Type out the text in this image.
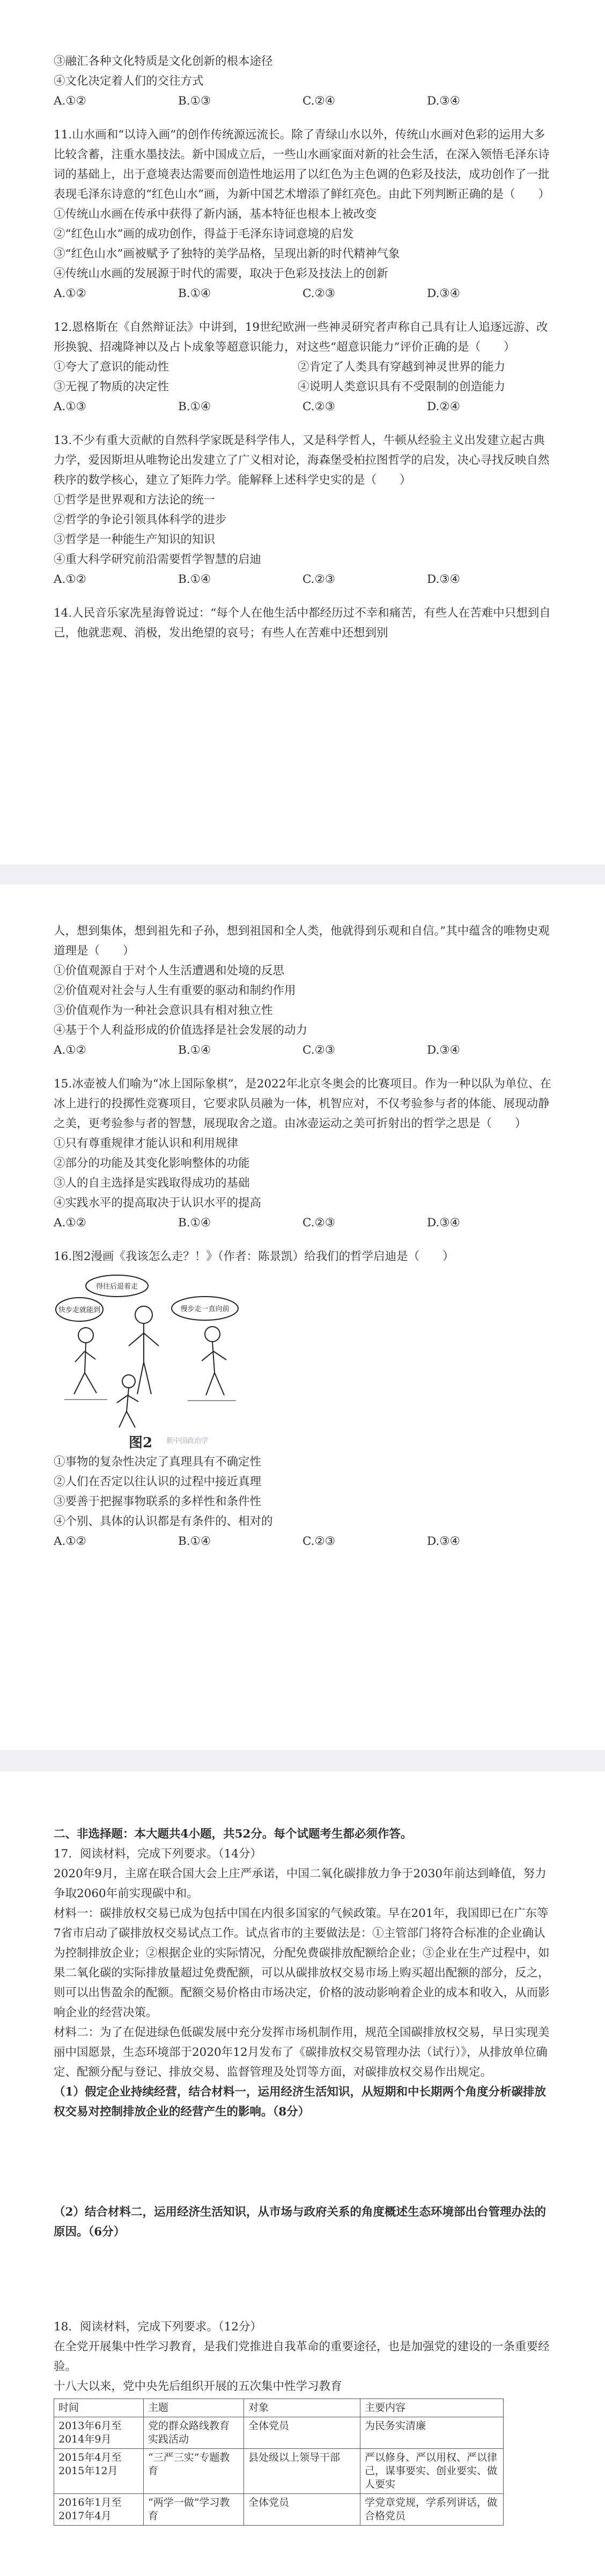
③融汇各种文化特质是文化创新的根本途径
④文化决定着人们的交往方式
A.①②	B.①③	C.②④	D.③④
11.山水画和“以诗入画”的创作传统源远流长。除了青绿山水以外，传统山水画对色彩的运用大多比较含蓄，注重水墨技法。新中国成立后，一些山水画家面对新的社会生活，在深入领悟毛泽东诗词的基础上，出于意境表达需要而创造性地运用了以红色为主色调的色彩及技法，成功创作了一批表现毛泽东诗意的“红色山水”画，为新中国艺术增添了鲜红亮色。由此下列判断正确的是（　　）
①传统山水画在传承中获得了新内涵，基本特征也根本上被改变
②“红色山水”画的成功创作，得益于毛泽东诗词意境的启发
③“红色山水”画被赋予了独特的美学品格，呈现出新的时代精神气象
④传统山水画的发展源于时代的需要，取决于色彩及技法上的创新
A.①②	B.①④	C.②③	D.③④
12.恩格斯在《自然辩证法》中讲到，19世纪欧洲一些神灵研究者声称自己具有让人追逐远游、改形换貌、招魂降神以及占卜成象等超意识能力，对这些“超意识能力”评价正确的是（　　）
①夸大了意识的能动性	②肯定了人类具有穿越到神灵世界的能力
③无视了物质的决定性	④说明人类意识具有不受限制的创造能力
A.①③	B.①④	C.②③	D.②④
13.不少有重大贡献的自然科学家既是科学伟人，又是科学哲人，牛顿从经验主义出发建立起古典力学，爱因斯坦从唯物论出发建立了广义相对论，海森堡受柏拉图哲学的启发，决心寻找反映自然秩序的数学核心，建立了矩阵力学。能解释上述科学史实的是（　　）
①哲学是世界观和方法论的统一
②哲学的争论引领具体科学的进步
③哲学是一种能生产知识的知识
④重大科学研究前沿需要哲学智慧的启迪
A.①②	B.①④	C.②③	D.③④
14.人民音乐家冼星海曾说过：“每个人在他生活中都经历过不幸和痛苦，有些人在苦难中只想到自己，他就悲观、消极，发出绝望的哀号；有些人在苦难中还想到别
人，想到集体，想到祖先和子孙，想到祖国和全人类，他就得到乐观和自信。”其中蕴含的唯物史观道理是（　　）
①价值观源自于对个人生活遭遇和处境的反思
②价值观对社会与人生有重要的驱动和制约作用
③价值观作为一种社会意识具有相对独立性
④基于个人利益形成的价值选择是社会发展的动力
A.①②	B.①④	C.②③	D.③④
15.冰壶被人们喻为“冰上国际象棋”，是2022年北京冬奥会的比赛项目。作为一种以队为单位、在冰上进行的投掷性竞赛项目，它要求队员融为一体，机智应对，不仅考验参与者的体能、展现动静之美，更考验参与者的智慧，展现取舍之道。由冰壶运动之美可折射出的哲学之思是（　　）
①只有尊重规律才能认识和利用规律
②部分的功能及其变化影响整体的功能
③人的自主选择是实践取得成功的基础
④实践水平的提高取决于认识水平的提高
A.①②	B.①④	C.②③	D.③④
16.图2漫画《我该怎么走？！》（作者：陈景凯）给我们的哲学启迪是（　　）
快步走就能到
得往后退着走
慢步走一直向前
图2 新中国政治学
①事物的复杂性决定了真理具有不确定性
②人们在否定以往认识的过程中接近真理
③要善于把握事物联系的多样性和条件性
④个别、具体的认识都是有条件的、相对的
A.①②	B.①④	C.②③	D.③④
二、非选择题：本大题共4小题，共52分。每个试题考生都必须作答。
17．阅读材料，完成下列要求。（14分）
2020年9月，主席在联合国大会上庄严承诺，中国二氧化碳排放力争于2030年前达到峰值，努力争取2060年前实现碳中和。
材料一：碳排放权交易已成为包括中国在内很多国家的气候政策。早在201年，我国即已在广东等7省市启动了碳排放权交易试点工作。试点省市的主要做法是：①主管部门将符合标准的企业确认为控制排放企业；②根据企业的实际情况，分配免费碳排放配额给企业；③企业在生产过程中，如果二氧化碳的实际排放量超过免费配额，可以从碳排放权交易市场上购买超出配额的部分，反之，则可以出售盈余的配额。配额交易价格由市场决定，价格的波动影响着企业的成本和收入，从而影响企业的经营决策。
材料二：为了在促进绿色低碳发展中充分发挥市场机制作用，规范全国碳排放权交易，早日实现美丽中国愿景，生态环境部于2020年12月发布了《碳排放权交易管理办法（试行）》，从排放单位确定、配额分配与登记、排放交易、监督管理及处罚等方面，对碳排放权交易作出规定。
（1）假定企业持续经营，结合材料一，运用经济生活知识，从短期和中长期两个角度分析碳排放权交易对控制排放企业的经营产生的影响。（8分）
（2）结合材料二，运用经济生活知识，从市场与政府关系的角度概述生态环境部出台管理办法的原因。（6分）
18．阅读材料，完成下列要求。（12分）
在全党开展集中性学习教育，是我们党推进自我革命的重要途径，也是加强党的建设的一条重要经验。
十八大以来，党中央先后组织开展的五次集中性学习教育
时间	主题	对象	主要内容
2013年6月至2014年9月	党的群众路线教育实践活动	全体党员	为民务实清廉
2015年4月至2015年12月	“三严三实”专题教育	县处级以上领导干部	严以修身、严以用权、严以律己，谋事要实、创业要实、做人要实
2016年1月至2017年4月	“两学一做”学习教育	全体党员	学党章党规，学系列讲话，做合格党员
